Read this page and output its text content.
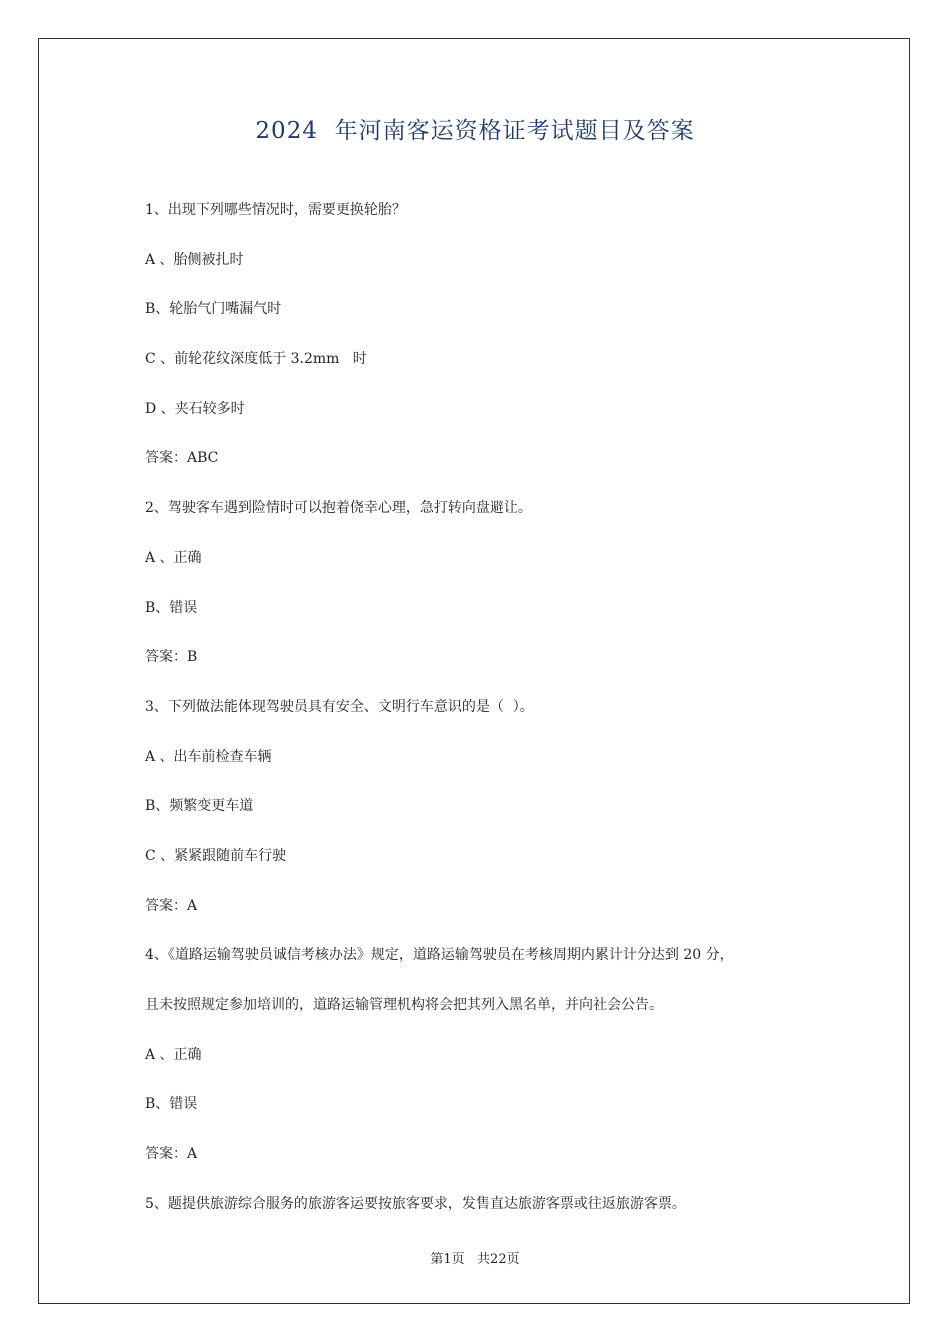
2024  年河南客运资格证考试题目及答案
1、出现下列哪些情况时，需要更换轮胎？
A 、胎侧被扎时
B、轮胎气门嘴漏气时
C 、前轮花纹深度低于 3.2mm   时
D 、夹石较多时
答案：ABC
2、驾驶客车遇到险情时可以抱着侥幸心理，急打转向盘避让。
A 、正确
B、错误
答案：B
3、下列做法能体现驾驶员具有安全、文明行车意识的是（  ）。
A 、出车前检查车辆
B、频繁变更车道
C 、紧紧跟随前车行驶
答案：A
4、《道路运输驾驶员诚信考核办法》规定，道路运输驾驶员在考核周期内累计计分达到 20 分，
且未按照规定参加培训的，道路运输管理机构将会把其列入黑名单，并向社会公告。
A 、正确
B、错误
答案：A
5、题提供旅游综合服务的旅游客运要按旅客要求，发售直达旅游客票或往返旅游客票。
第1页   共22页
